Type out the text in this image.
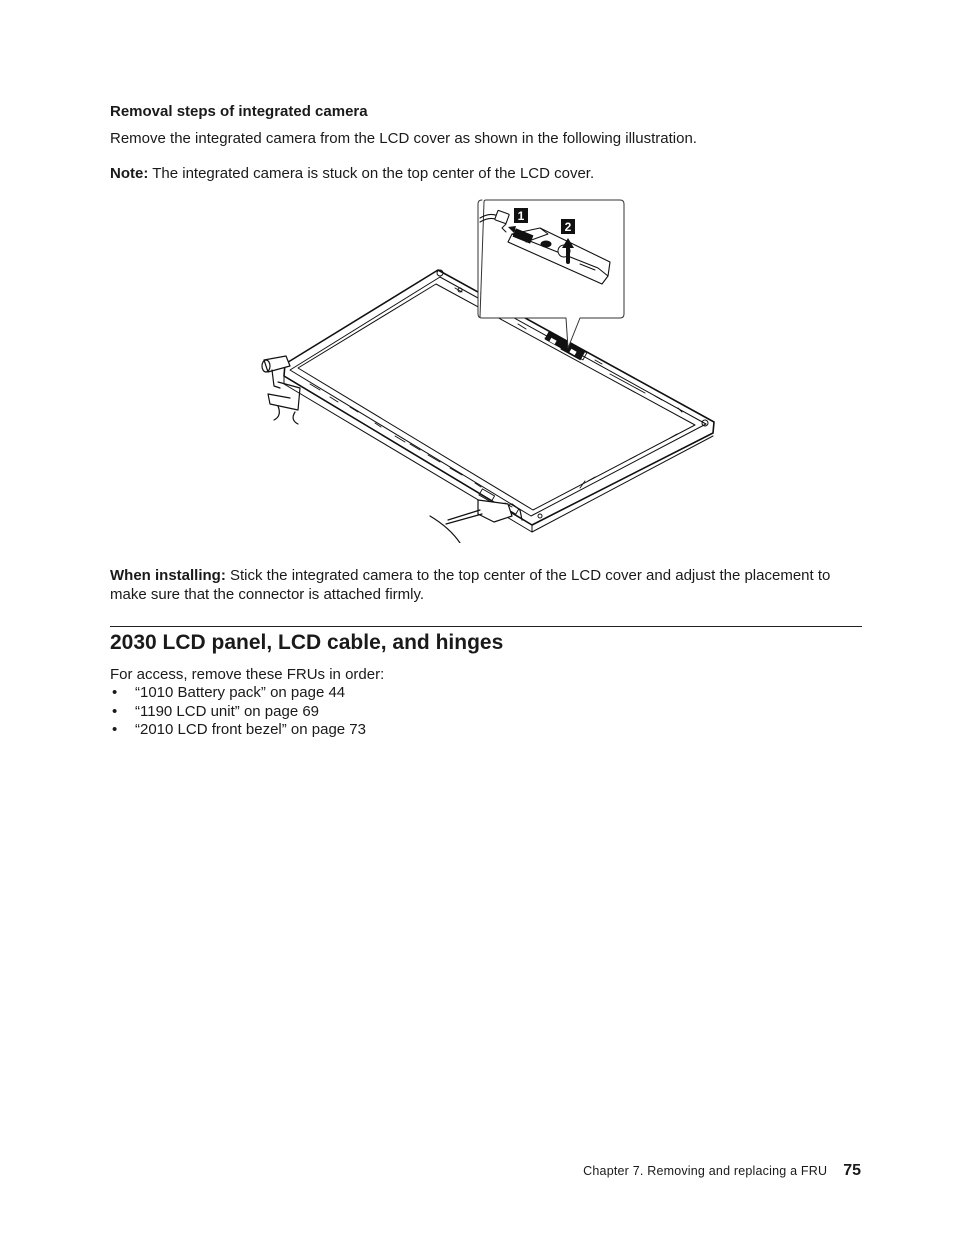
Removal steps of integrated camera

Remove the integrated camera from the LCD cover as shown in the following illustration.

Note: The integrated camera is stuck on the top center of the LCD cover.

1
2

When installing: Stick the integrated camera to the top center of the LCD cover and adjust the placement to make sure that the connector is attached firmly.

2030 LCD panel, LCD cable, and hinges

For access, remove these FRUs in order:

• “1010 Battery pack” on page 44
• “1190 LCD unit” on page 69
• “2010 LCD front bezel” on page 73
Chapter 7. Removing and replacing a FRU 75
